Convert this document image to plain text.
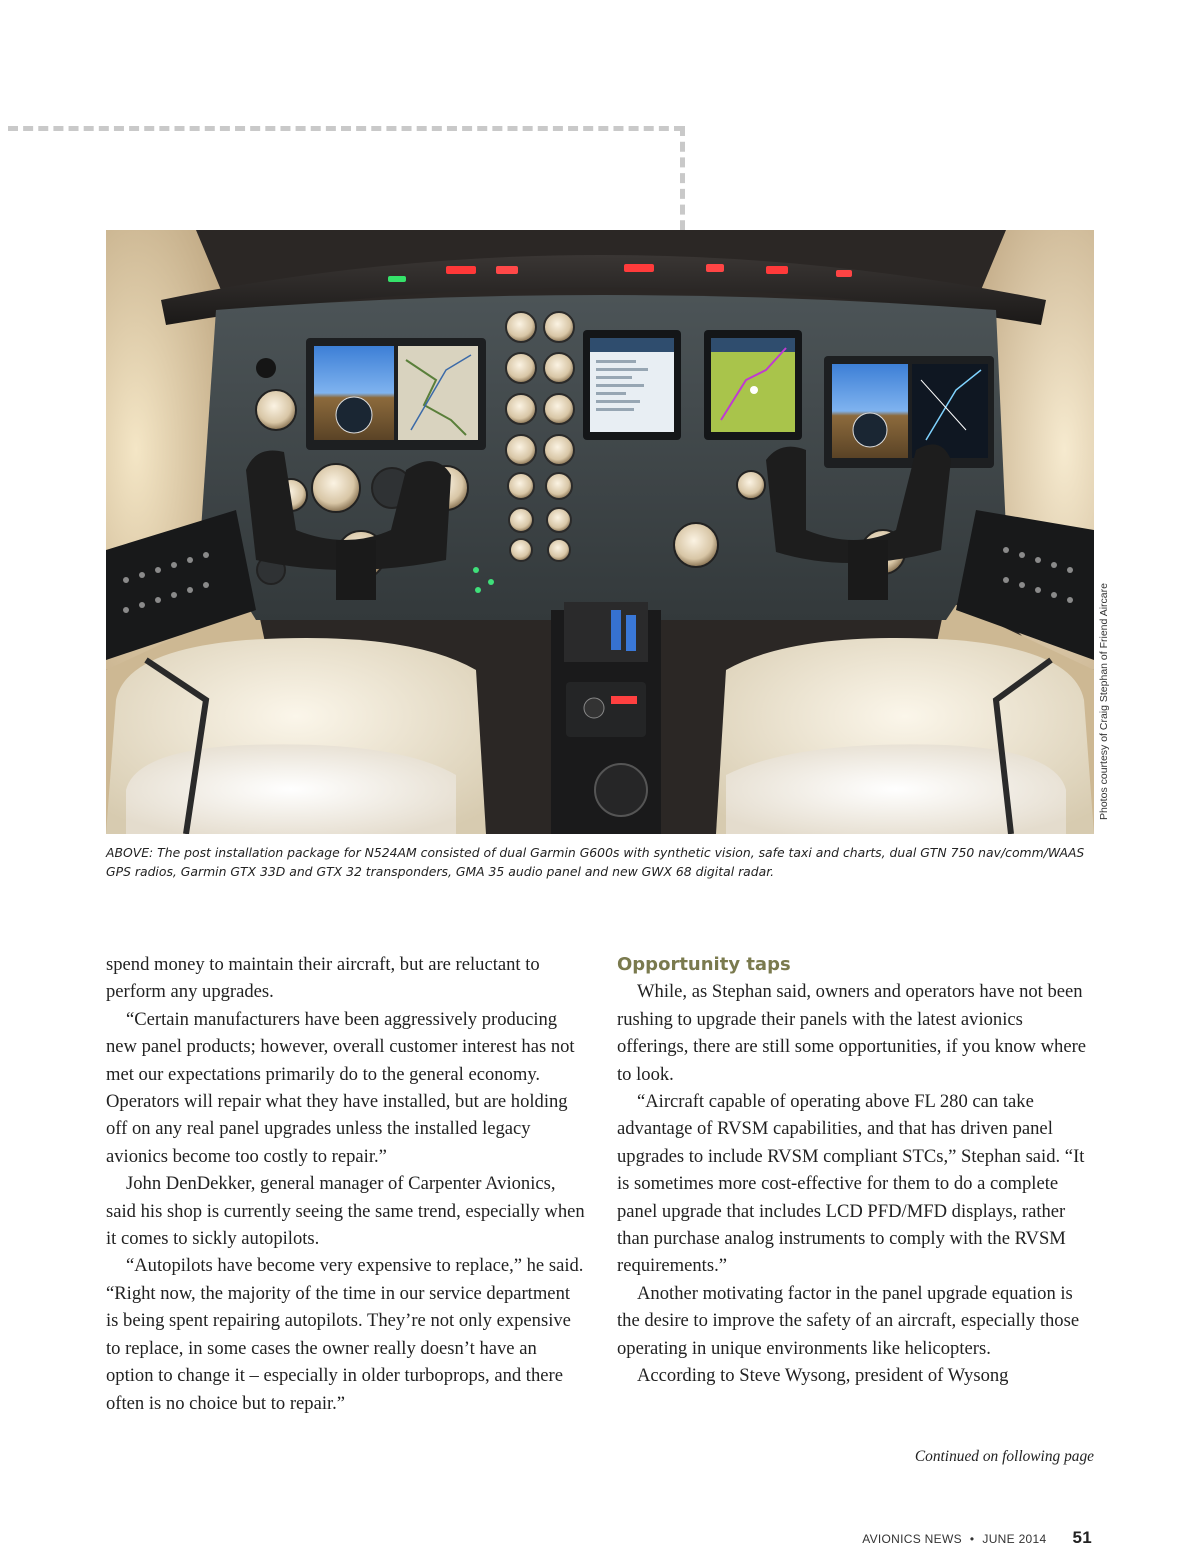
Photos courtesy of Craig Stephan of Friend Aircare

ABOVE: The post installation package for N524AM consisted of dual Garmin G600s with synthetic vision, safe taxi and charts, dual GTN 750 nav/comm/WAAS GPS radios, Garmin GTX 33D and GTX 32 transponders, GMA 35 audio panel and new GWX 68 digital radar.

spend money to maintain their aircraft, but are reluctant to perform any upgrades.

“Certain manufacturers have been aggressively producing new panel products; however, overall customer interest has not met our expectations primarily do to the general economy. Operators will repair what they have installed, but are holding off on any real panel upgrades unless the installed legacy avionics become too costly to repair.”

John DenDekker, general manager of Carpenter Avionics, said his shop is currently seeing the same trend, especially when it comes to sickly autopilots.

“Autopilots have become very expensive to replace,” he said. “Right now, the majority of the time in our service department is being spent repairing autopilots. They’re not only expensive to replace, in some cases the owner really doesn’t have an option to change it – especially in older turboprops, and there often is no choice but to repair.”

Opportunity taps

While, as Stephan said, owners and operators have not been rushing to upgrade their panels with the latest avionics offerings, there are still some opportunities, if you know where to look.

“Aircraft capable of operating above FL 280 can take advantage of RVSM capabilities, and that has driven panel upgrades to include RVSM compliant STCs,” Stephan said. “It is sometimes more cost-effective for them to do a complete panel upgrade that includes LCD PFD/MFD displays, rather than purchase analog instruments to comply with the RVSM requirements.”

Another motivating factor in the panel upgrade equation is the desire to improve the safety of an aircraft, especially those operating in unique environments like helicopters.

According to Steve Wysong, president of Wysong

Continued on following page
AVIONICS NEWS • JUNE 2014 51
